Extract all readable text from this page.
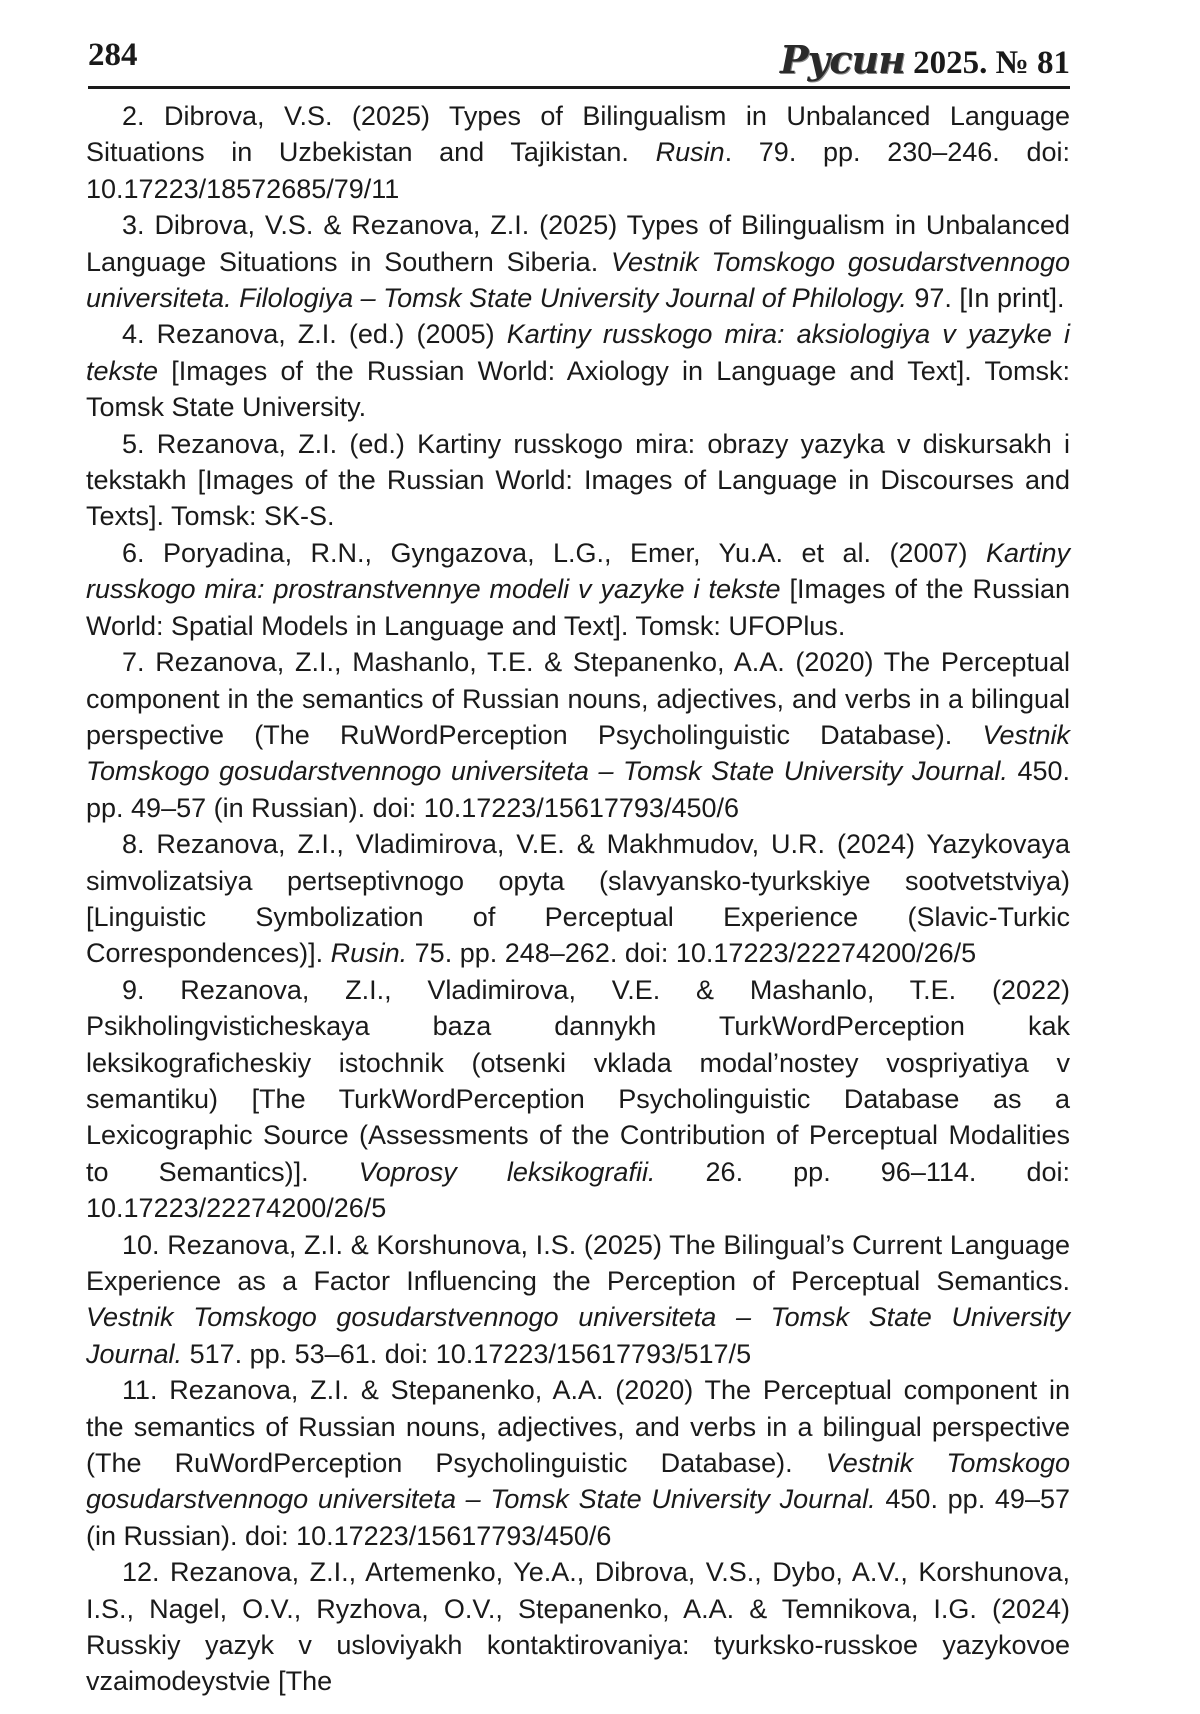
284	Русин 2025. № 81

2. Dibrova, V.S. (2025) Types of Bilingualism in Unbalanced Language Situations in Uzbekistan and Tajikistan. Rusin. 79. pp. 230–246. doi: 10.17223/18572685/79/11

3. Dibrova, V.S. & Rezanova, Z.I. (2025) Types of Bilingualism in Unbalanced Language Situations in Southern Siberia. Vestnik Tomskogo gosudarstvennogo universiteta. Filologiya – Tomsk State University Journal of Philology. 97. [In print].

4. Rezanova, Z.I. (ed.) (2005) Kartiny russkogo mira: aksiologiya v yazyke i tekste [Images of the Russian World: Axiology in Language and Text]. Tomsk: Tomsk State University.

5. Rezanova, Z.I. (ed.) Kartiny russkogo mira: obrazy yazyka v diskursakh i tekstakh [Images of the Russian World: Images of Language in Discourses and Texts]. Tomsk: SK-S.

6. Poryadina, R.N., Gyngazova, L.G., Emer, Yu.A. et al. (2007) Kartiny russkogo mira: prostranstvennye modeli v yazyke i tekste [Images of the Russian World: Spatial Models in Language and Text]. Tomsk: UFOPlus.

7. Rezanova, Z.I., Mashanlo, T.E. & Stepanenko, A.A. (2020) The Perceptual component in the semantics of Russian nouns, adjectives, and verbs in a bilingual perspective (The RuWordPerception Psycholinguistic Database). Vestnik Tomskogo gosudarstvennogo universiteta – Tomsk State University Journal. 450. pp. 49–57 (in Russian). doi: 10.17223/15617793/450/6

8. Rezanova, Z.I., Vladimirova, V.E. & Makhmudov, U.R. (2024) Yazykovaya simvolizatsiya pertseptivnogo opyta (slavyansko-tyurkskiye sootvetstviya) [Linguistic Symbolization of Perceptual Experience (Slavic-Turkic Correspondences)]. Rusin. 75. pp. 248–262. doi: 10.17223/22274200/26/5

9. Rezanova, Z.I., Vladimirova, V.E. & Mashanlo, T.E. (2022) Psikholingvisticheskaya baza dannykh TurkWordPerception kak leksikograficheskiy istochnik (otsenki vklada modal’nostey vospriyatiya v semantiku) [The TurkWordPerception Psycholinguistic Database as a Lexicographic Source (Assessments of the Contribution of Perceptual Modalities to Semantics)]. Voprosy leksikografii. 26. pp. 96–114. doi: 10.17223/22274200/26/5

10. Rezanova, Z.I. & Korshunova, I.S. (2025) The Bilingual’s Current Language Experience as a Factor Influencing the Perception of Perceptual Semantics. Vestnik Tomskogo gosudarstvennogo universiteta – Tomsk State University Journal. 517. pp. 53–61. doi: 10.17223/15617793/517/5

11. Rezanova, Z.I. & Stepanenko, A.A. (2020) The Perceptual component in the semantics of Russian nouns, adjectives, and verbs in a bilingual perspective (The RuWordPerception Psycholinguistic Database). Vestnik Tomskogo gosudarstvennogo universiteta – Tomsk State University Journal. 450. pp. 49–57 (in Russian). doi: 10.17223/15617793/450/6

12. Rezanova, Z.I., Artemenko, Ye.A., Dibrova, V.S., Dybo, A.V., Korshunova, I.S., Nagel, O.V., Ryzhova, O.V., Stepanenko, A.A. & Temnikova, I.G. (2024) Russkiy yazyk v usloviyakh kontaktirovaniya: tyurksko-russkoe yazykovoe vzaimodeystvie [The
